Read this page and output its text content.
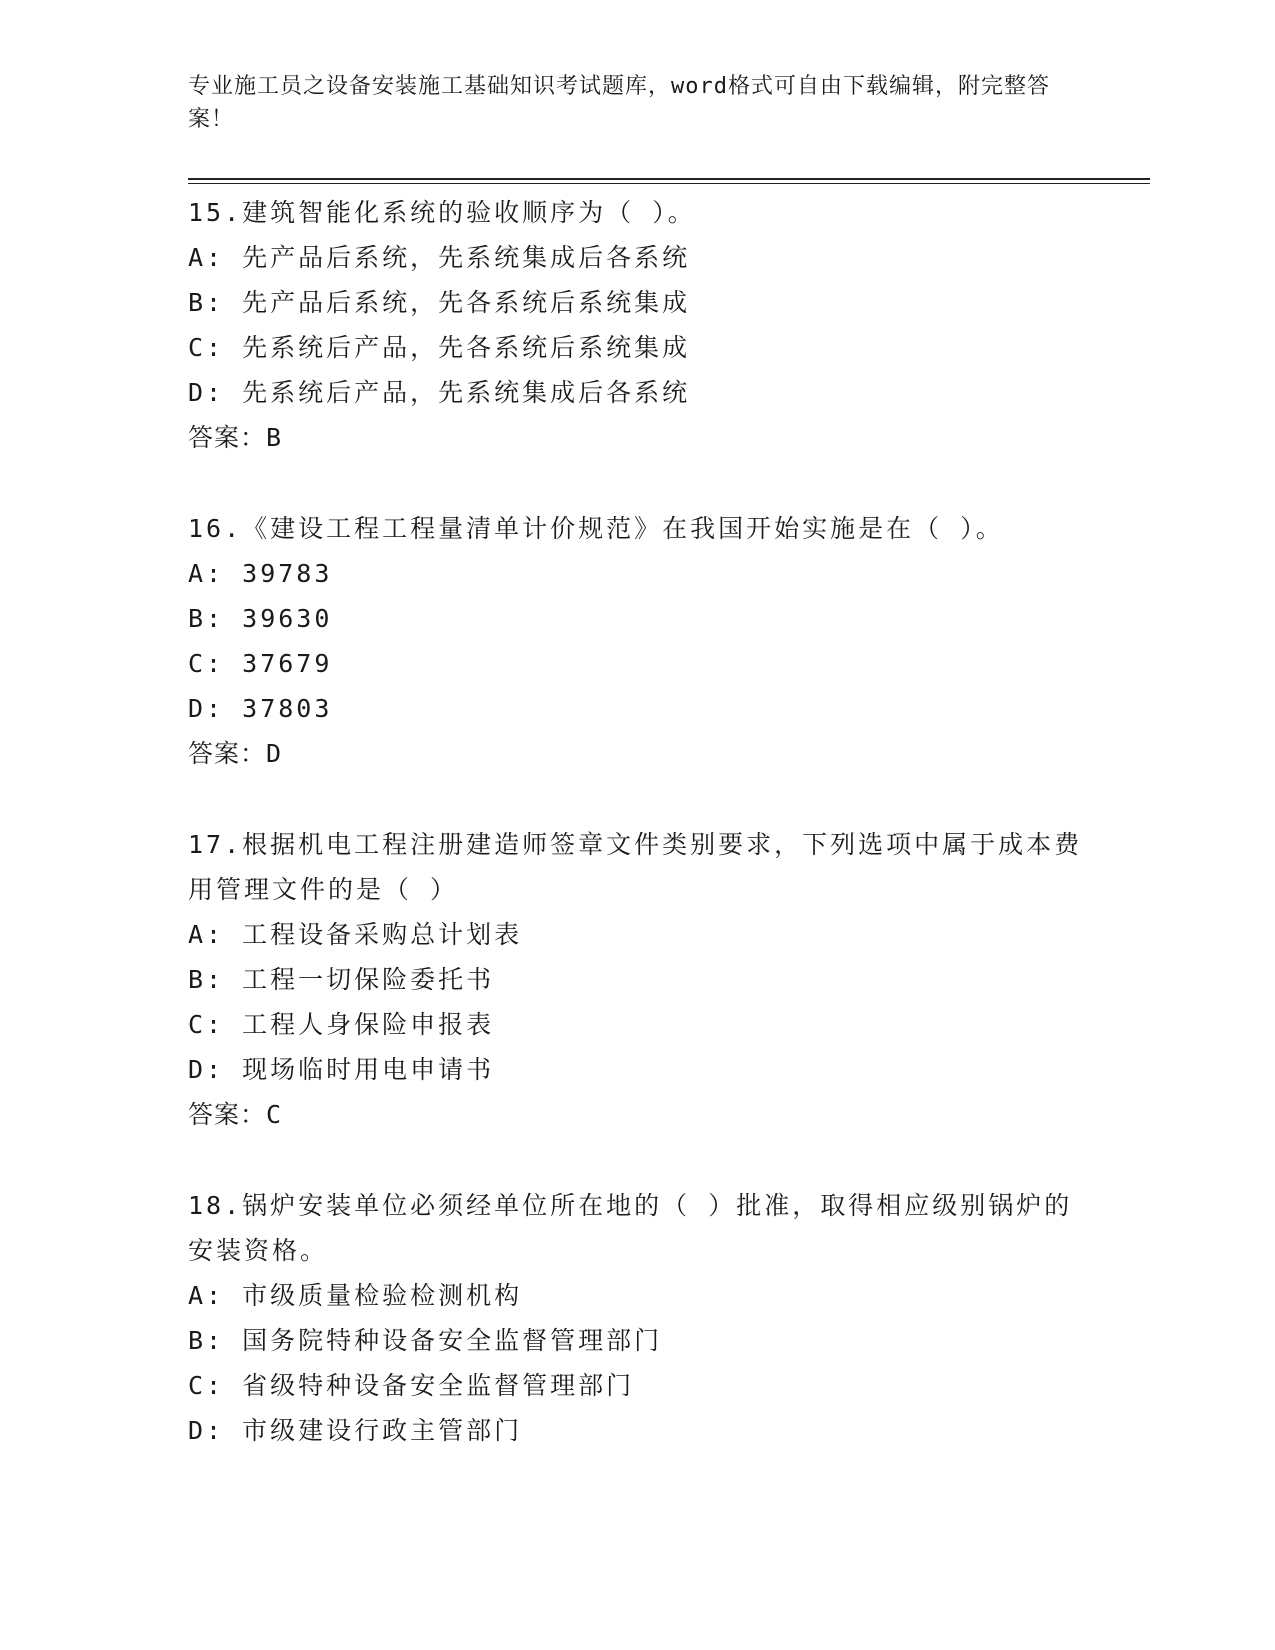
专业施工员之设备安装施工基础知识考试题库，word格式可自由下载编辑，附完整答案！
15.建筑智能化系统的验收顺序为（ ）。
A: 先产品后系统，先系统集成后各系统
B: 先产品后系统，先各系统后系统集成
C: 先系统后产品，先各系统后系统集成
D: 先系统后产品，先系统集成后各系统
答案：B
16.《建设工程工程量清单计价规范》在我国开始实施是在（ ）。
A: 39783
B: 39630
C: 37679
D: 37803
答案：D
17.根据机电工程注册建造师签章文件类别要求，下列选项中属于成本费用管理文件的是（ ）
A: 工程设备采购总计划表
B: 工程一切保险委托书
C: 工程人身保险申报表
D: 现场临时用电申请书
答案：C
18.锅炉安装单位必须经单位所在地的（ ）批准，取得相应级别锅炉的安装资格。
A: 市级质量检验检测机构
B: 国务院特种设备安全监督管理部门
C: 省级特种设备安全监督管理部门
D: 市级建设行政主管部门
